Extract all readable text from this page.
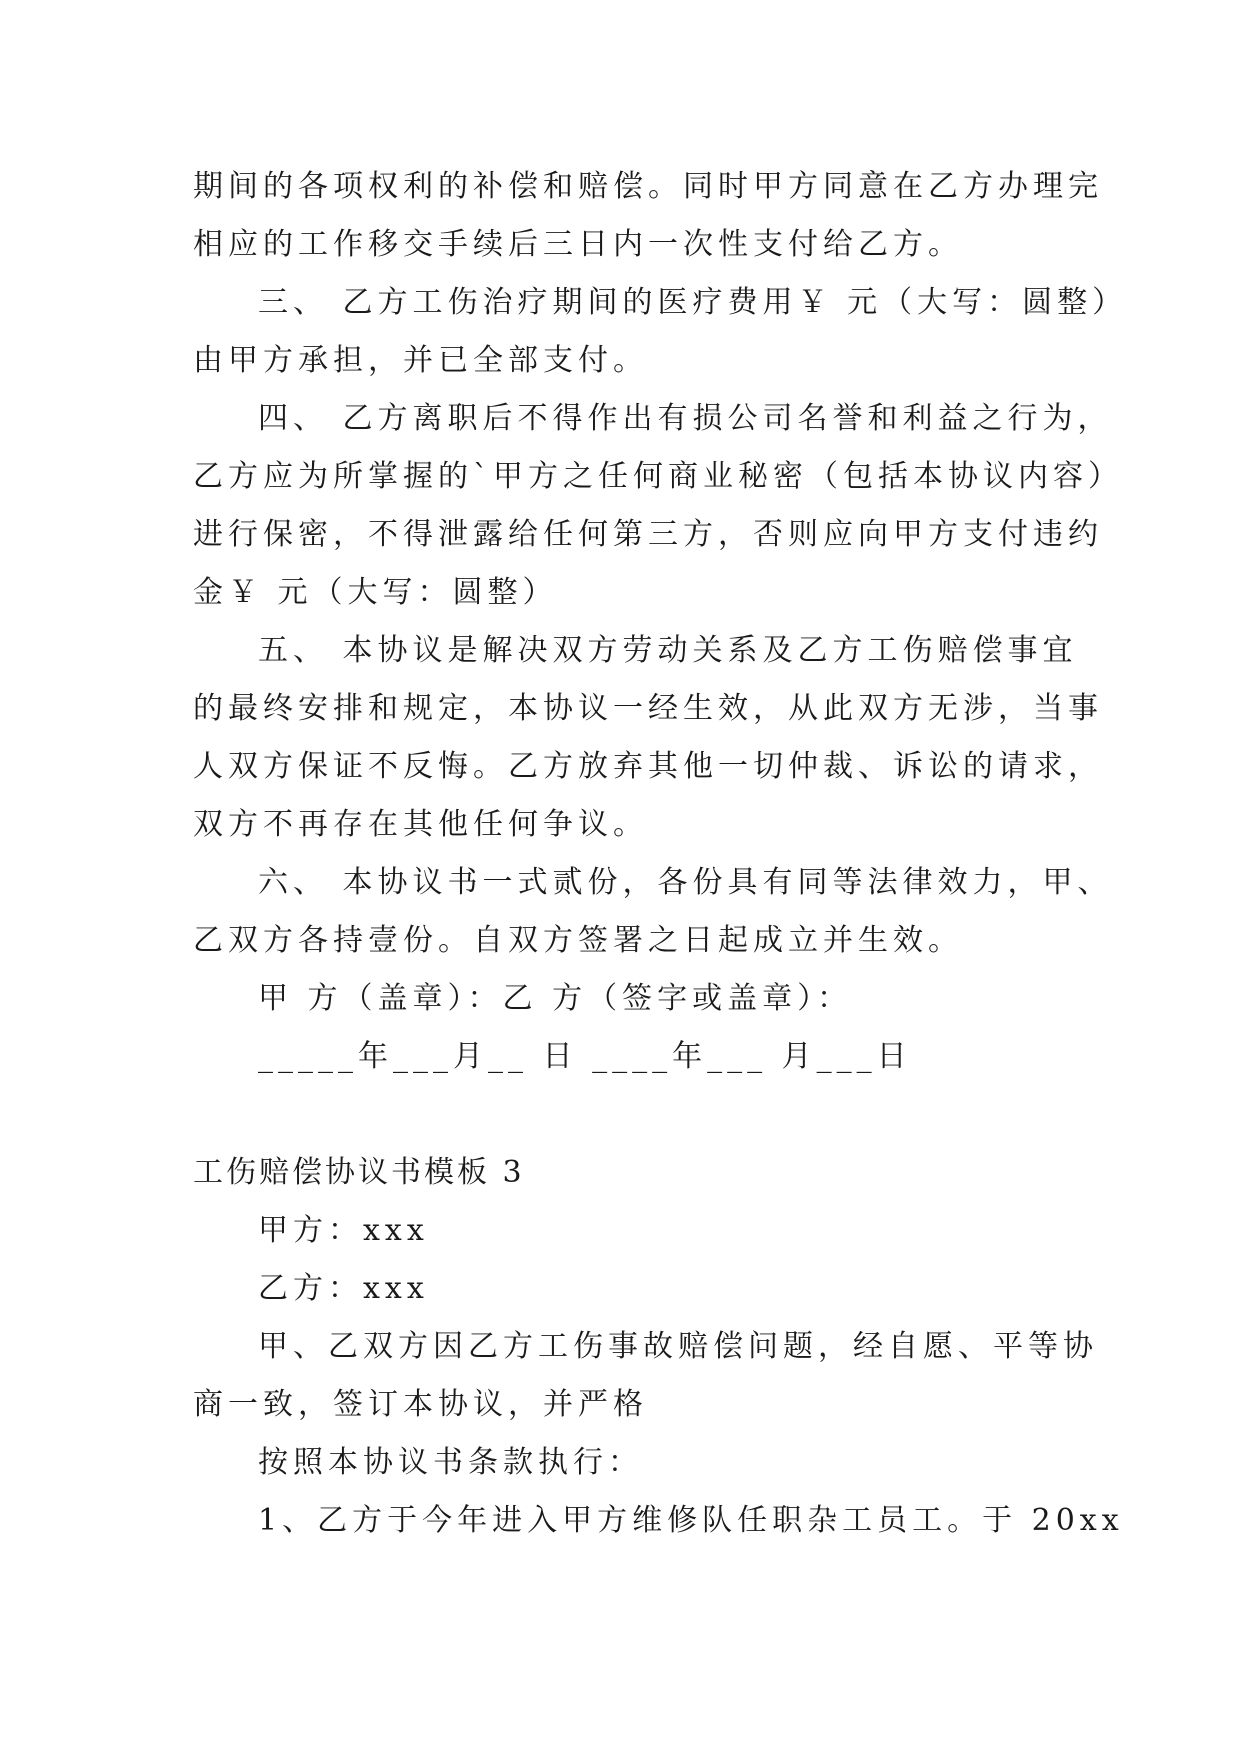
期间的各项权利的补偿和赔偿。同时甲方同意在乙方办理完
相应的工作移交手续后三日内一次性支付给乙方。
三、 乙方工伤治疗期间的医疗费用￥ 元（大写：圆整）
由甲方承担，并已全部支付。
四、 乙方离职后不得作出有损公司名誉和利益之行为，
乙方应为所掌握的`甲方之任何商业秘密（包括本协议内容）
进行保密，不得泄露给任何第三方，否则应向甲方支付违约
金￥ 元（大写：圆整）
五、 本协议是解决双方劳动关系及乙方工伤赔偿事宜
的最终安排和规定，本协议一经生效，从此双方无涉，当事
人双方保证不反悔。乙方放弃其他一切仲裁、诉讼的请求，
双方不再存在其他任何争议。
六、 本协议书一式贰份，各份具有同等法律效力，甲、
乙双方各持壹份。自双方签署之日起成立并生效。
甲 方（盖章）：乙 方（签字或盖章）：
_____年___月__ 日 ____年___ 月___日
工伤赔偿协议书模板 3
甲方：xxx
乙方：xxx
甲、乙双方因乙方工伤事故赔偿问题，经自愿、平等协
商一致，签订本协议，并严格
按照本协议书条款执行：
1、乙方于今年进入甲方维修队任职杂工员工。于 20xx
